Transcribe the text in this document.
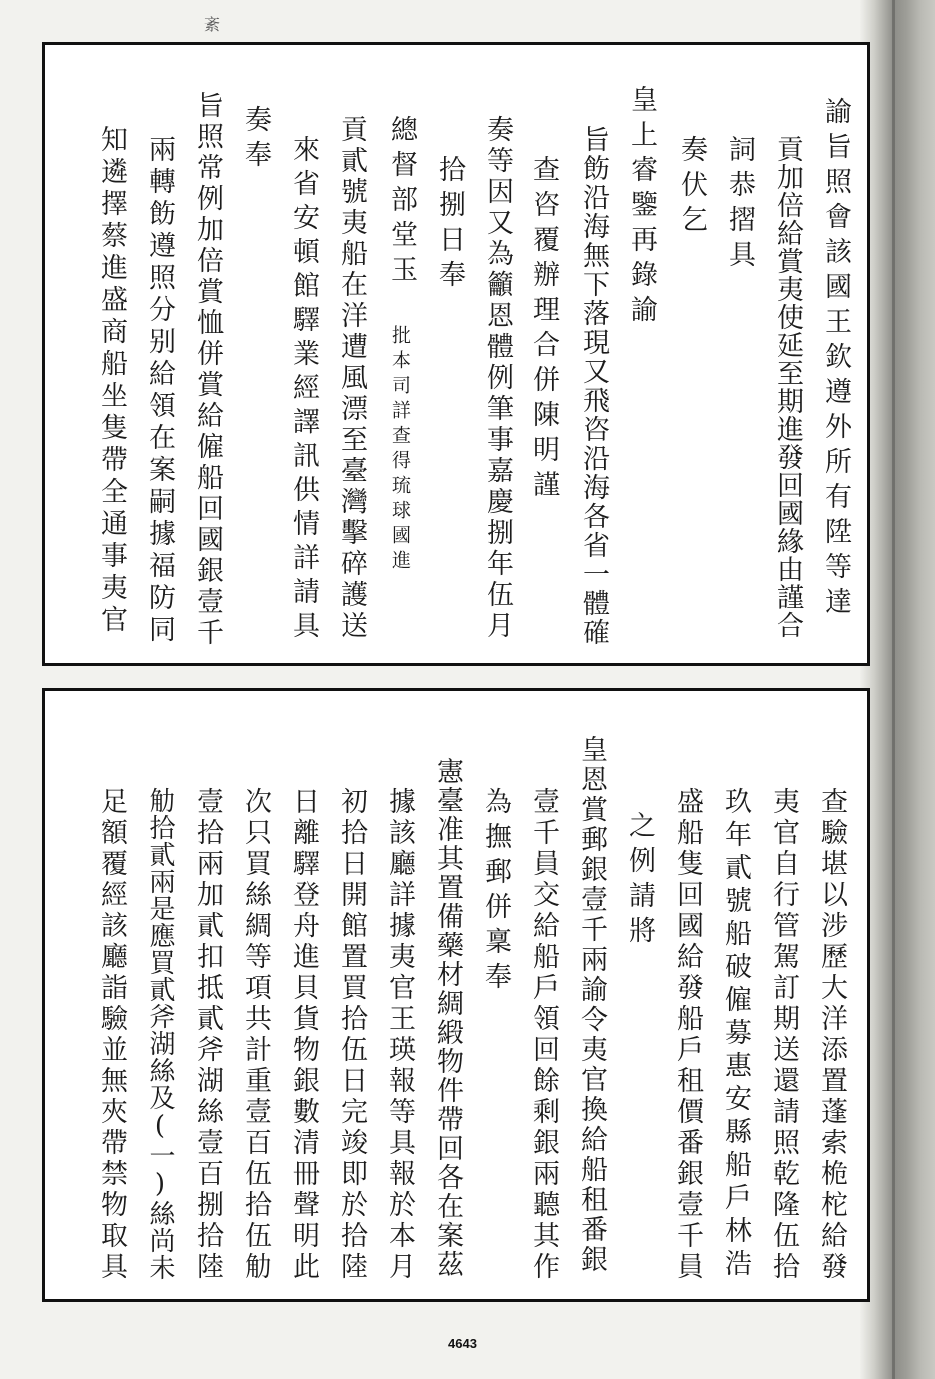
紊
諭旨照會該國王欽遵外所有陞等達
貢加倍給賞夷使延至期進發回國緣由謹合
詞恭摺具
奏伏乞
皇上睿鑒再錄諭
旨飭沿海無下落現又飛咨沿海各省一體確
查咨覆辦理合併陳明謹
奏等因又為籲恩體例筆事嘉慶捌年伍月
拾捌日奉
總督部堂玉
批本司詳查得琉球國進
貢貳號夷船在洋遭風漂至臺灣擊碎護送
來省安頓館驛業經譯訊供情詳請具
奏奉
旨照常例加倍賞恤併賞給僱船回國銀壹千
兩轉飭遵照分别給領在案嗣據福防同
知遴擇蔡進盛商船坐隻帶全通事夷官
查驗堪以涉歷大洋添置蓬索桅柁給發
夷官自行管駕訂期送還請照乾隆伍拾
玖年貳號船破僱募惠安縣船戶林浩
盛船隻回國給發船戶租價番銀壹千員
之例請將
皇恩賞郵銀壹千兩諭令夷官換給船租番銀
壹千員交給船戶領回餘剩銀兩聽其作
為撫郵併稟奉
憲臺准其置備藥材綢緞物件帶回各在案茲
據該廳詳據夷官王瑛報等具報於本月
初拾日開館置買拾伍日完竣即於拾陸
日離驛登舟進貝貨物銀數清冊聲明此
次只買絲綢等項共計重壹百伍拾伍觔
壹拾兩加貳扣抵貳斧湖絲壹百捌拾陸
觔拾貳兩是應買貳斧湖絲及(一)絲尚未
足額覆經該廳詣驗並無夾帶禁物取具
4643
